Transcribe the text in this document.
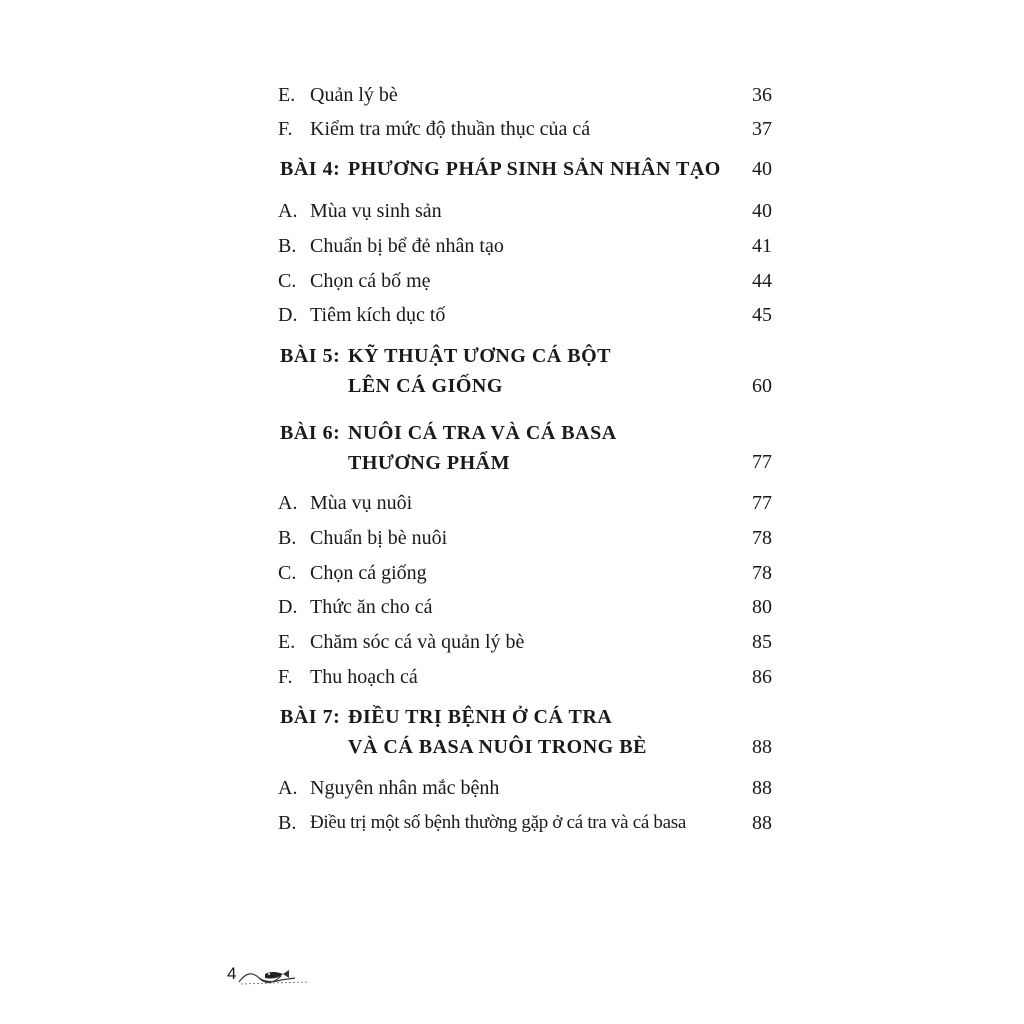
E. Quản lý bè	36
F. Kiểm tra mức độ thuần thục của cá	37
BÀI 4: PHƯƠNG PHÁP SINH SẢN NHÂN TẠO 40
A. Mùa vụ sinh sản	40
B. Chuẩn bị bể đẻ nhân tạo	41
C. Chọn cá bố mẹ	44
D. Tiêm kích dục tố	45
BÀI 5: KỸ THUẬT ƯƠNG CÁ BỘT
LÊN CÁ GIỐNG	60
BÀI 6: NUÔI CÁ TRA VÀ CÁ BASA
THƯƠNG PHẨM	77
A. Mùa vụ nuôi	77
B. Chuẩn bị bè nuôi	78
C. Chọn cá giống	78
D. Thức ăn cho cá	80
E. Chăm sóc cá và quản lý bè	85
F. Thu hoạch cá	86
BÀI 7: ĐIỀU TRỊ BỆNH Ở CÁ TRA
VÀ CÁ BASA NUÔI TRONG BÈ	88
A. Nguyên nhân mắc bệnh	88
B. Điều trị một số bệnh thường gặp ở cá tra và cá basa	88
4
